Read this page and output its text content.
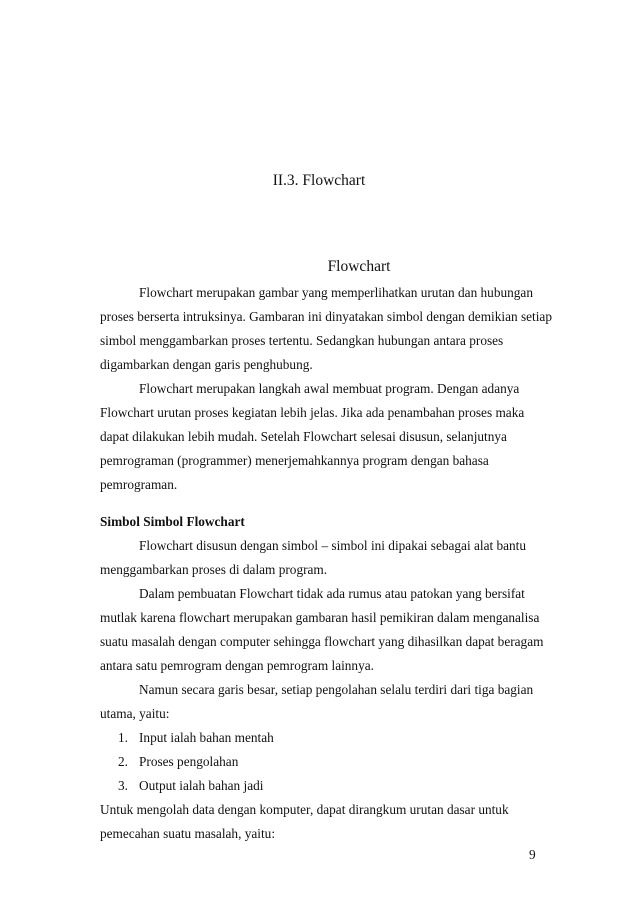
II.3. Flowchart
Flowchart
Flowchart merupakan gambar yang memperlihatkan urutan dan hubungan
proses berserta intruksinya. Gambaran ini dinyatakan simbol dengan demikian setiap
simbol menggambarkan proses tertentu. Sedangkan hubungan antara proses
digambarkan dengan garis penghubung.
Flowchart merupakan langkah awal membuat program. Dengan adanya
Flowchart urutan proses kegiatan lebih jelas. Jika ada penambahan proses maka
dapat dilakukan lebih mudah. Setelah Flowchart selesai disusun, selanjutnya
pemrograman (programmer) menerjemahkannya program dengan bahasa
pemrograman.
Simbol Simbol Flowchart
Flowchart disusun dengan simbol – simbol ini dipakai sebagai alat bantu
menggambarkan proses di dalam program.
Dalam pembuatan Flowchart tidak ada rumus atau patokan yang bersifat
mutlak karena flowchart merupakan gambaran hasil pemikiran dalam menganalisa
suatu masalah dengan computer sehingga flowchart yang dihasilkan dapat beragam
antara satu pemrogram dengan pemrogram lainnya.
Namun secara garis besar, setiap pengolahan selalu terdiri dari tiga bagian
utama, yaitu:
1. Input ialah bahan mentah
2. Proses pengolahan
3. Output ialah bahan jadi
Untuk mengolah data dengan komputer, dapat dirangkum urutan dasar untuk
pemecahan suatu masalah, yaitu:
9
